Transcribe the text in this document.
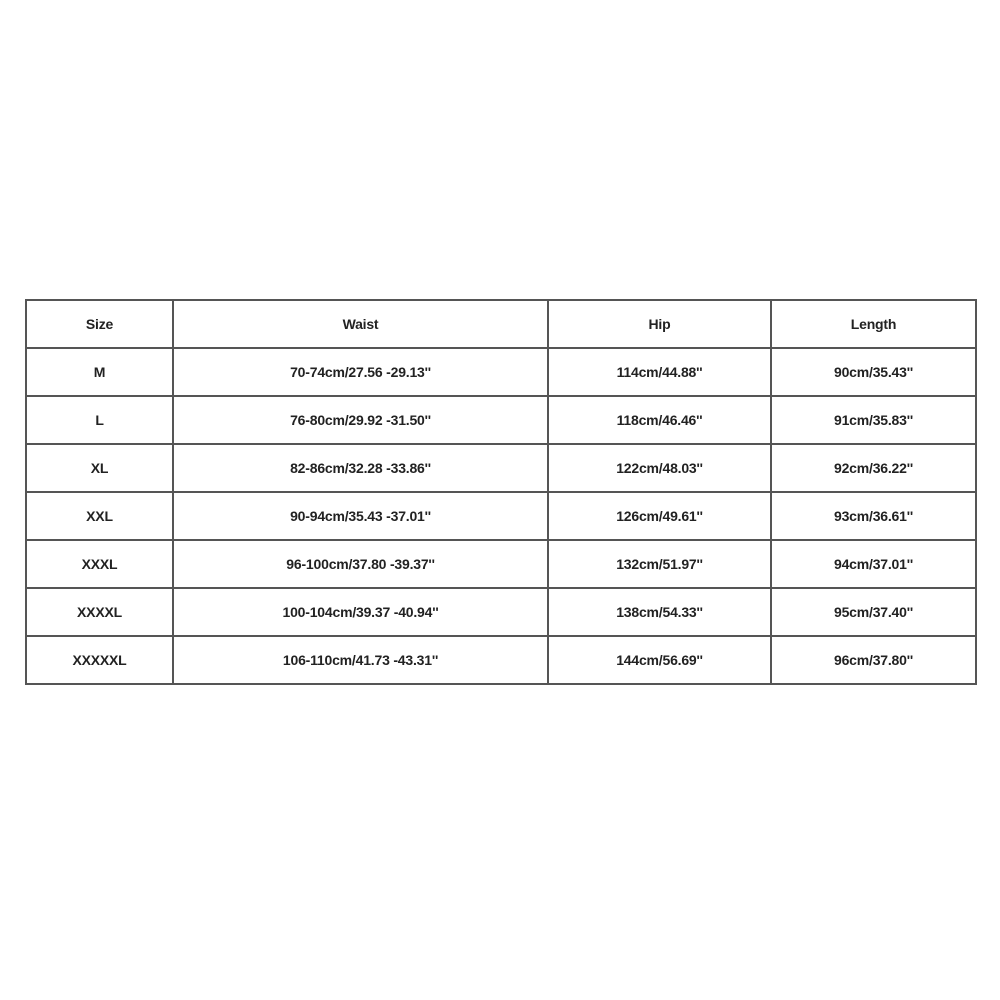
Size	Waist	Hip	Length
M	70-74cm/27.56 -29.13''	114cm/44.88''	90cm/35.43''
L	76-80cm/29.92 -31.50''	118cm/46.46''	91cm/35.83''
XL	82-86cm/32.28 -33.86''	122cm/48.03''	92cm/36.22''
XXL	90-94cm/35.43 -37.01''	126cm/49.61''	93cm/36.61''
XXXL	96-100cm/37.80 -39.37''	132cm/51.97''	94cm/37.01''
XXXXL	100-104cm/39.37 -40.94''	138cm/54.33''	95cm/37.40''
XXXXXL	106-110cm/41.73 -43.31''	144cm/56.69''	96cm/37.80''
